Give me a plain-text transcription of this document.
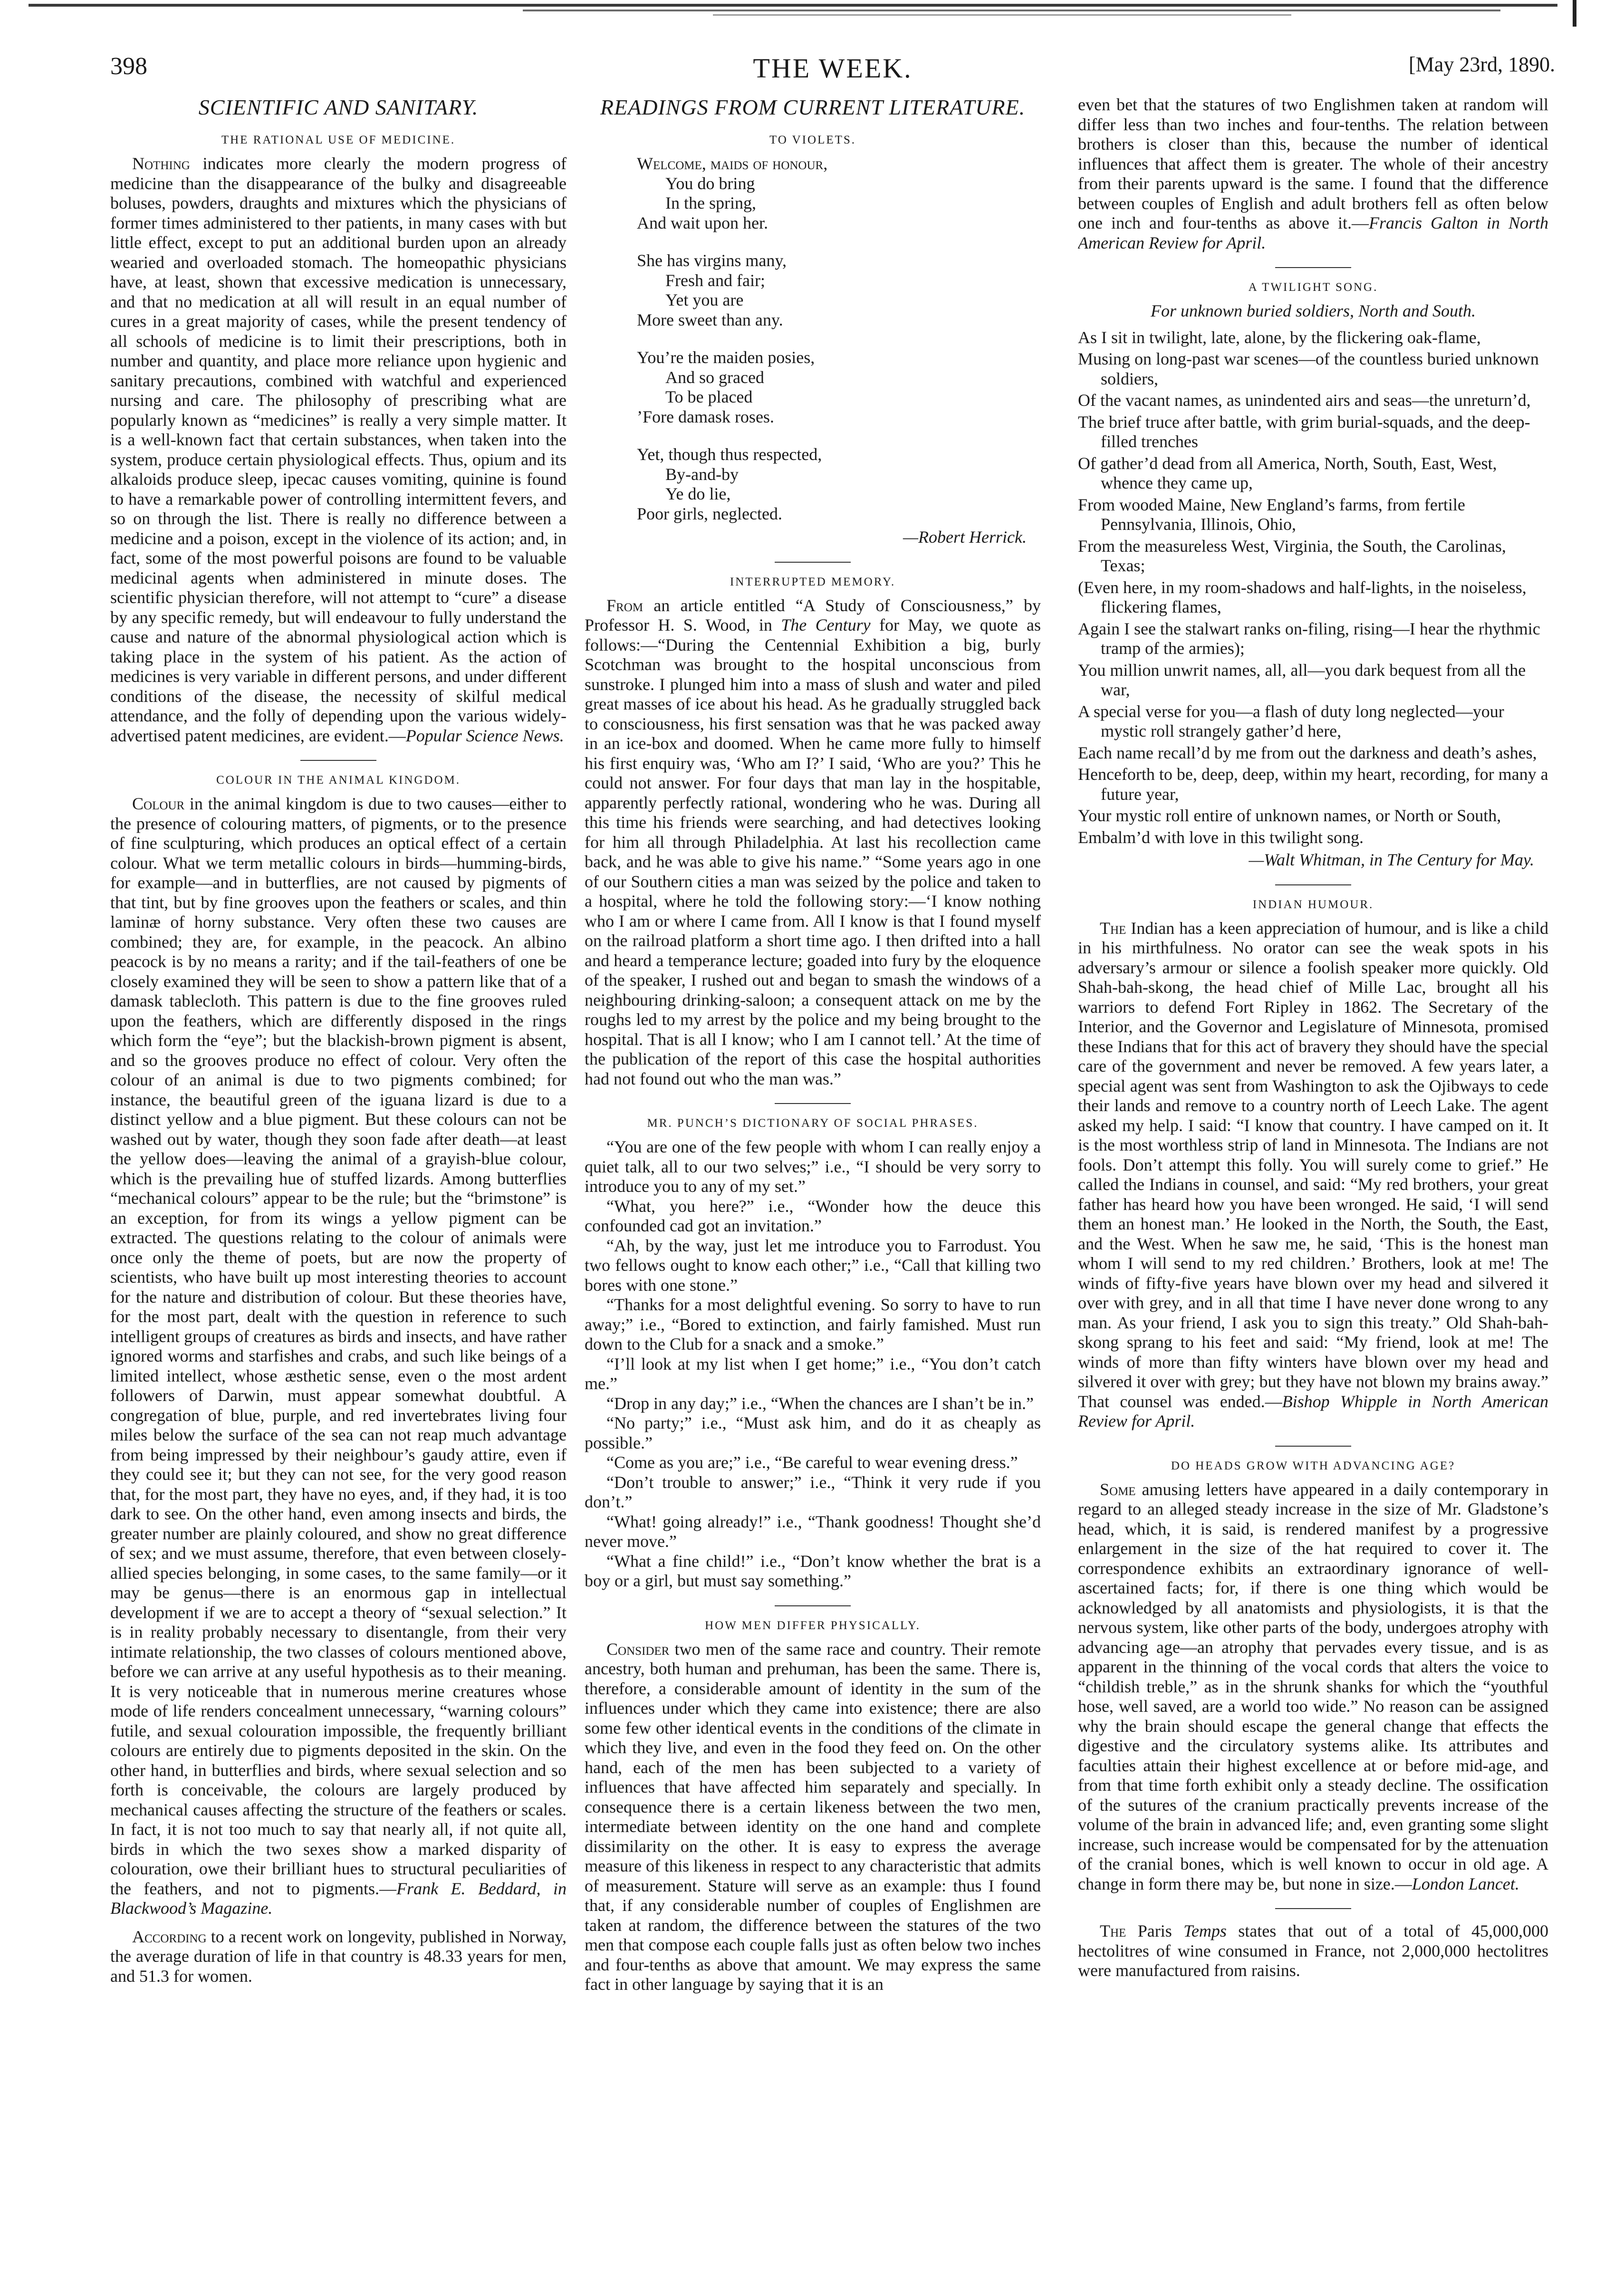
398	THE WEEK.	[May 23rd, 1890.
SCIENTIFIC AND SANITARY.
THE RATIONAL USE OF MEDICINE.

Nothing indicates more clearly the modern progress of medicine than the disappearance of the bulky and disagreeable boluses, powders, draughts and mixtures which the physicians of former times administered to ther patients, in many cases with but little effect, except to put an additional burden upon an already wearied and overloaded stomach. The homeopathic physicians have, at least, shown that excessive medication is unnecessary, and that no medication at all will result in an equal number of cures in a great majority of cases, while the present tendency of all schools of medicine is to limit their prescriptions, both in number and quantity, and place more reliance upon hygienic and sanitary precautions, combined with watchful and experienced nursing and care. The philosophy of prescribing what are popularly known as “medicines” is really a very simple matter. It is a well-known fact that certain substances, when taken into the system, produce certain physiological effects. Thus, opium and its alkaloids produce sleep, ipecac causes vomiting, quinine is found to have a remarkable power of controlling intermittent fevers, and so on through the list. There is really no difference between a medicine and a poison, except in the violence of its action; and, in fact, some of the most powerful poisons are found to be valuable medicinal agents when administered in minute doses. The scientific physician therefore, will not attempt to “cure” a disease by any specific remedy, but will endeavour to fully understand the cause and nature of the abnormal physiological action which is taking place in the system of his patient. As the action of medicines is very variable in different persons, and under different conditions of the disease, the necessity of skilful medical attendance, and the folly of depending upon the various widely-advertised patent medicines, are evident.—Popular Science News.

COLOUR IN THE ANIMAL KINGDOM.

Colour in the animal kingdom is due to two causes—either to the presence of colouring matters, of pigments, or to the presence of fine sculpturing, which produces an optical effect of a certain colour. What we term metallic colours in birds—humming-birds, for example—and in butterflies, are not caused by pigments of that tint, but by fine grooves upon the feathers or scales, and thin laminæ of horny substance. Very often these two causes are combined; they are, for example, in the peacock. An albino peacock is by no means a rarity; and if the tail-feathers of one be closely examined they will be seen to show a pattern like that of a damask tablecloth. This pattern is due to the fine grooves ruled upon the feathers, which are differently disposed in the rings which form the “eye”; but the blackish-brown pigment is absent, and so the grooves produce no effect of colour. Very often the colour of an animal is due to two pigments combined; for instance, the beautiful green of the iguana lizard is due to a distinct yellow and a blue pigment. But these colours can not be washed out by water, though they soon fade after death—at least the yellow does—leaving the animal of a grayish-blue colour, which is the prevailing hue of stuffed lizards. Among butterflies “mechanical colours” appear to be the rule; but the “brimstone” is an exception, for from its wings a yellow pigment can be extracted. The questions relating to the colour of animals were once only the theme of poets, but are now the property of scientists, who have built up most interesting theories to account for the nature and distribution of colour. But these theories have, for the most part, dealt with the question in reference to such intelligent groups of creatures as birds and insects, and have rather ignored worms and starfishes and crabs, and such like beings of a limited intellect, whose æsthetic sense, even o the most ardent followers of Darwin, must appear somewhat doubtful. A congregation of blue, purple, and red invertebrates living four miles below the surface of the sea can not reap much advantage from being impressed by their neighbour’s gaudy attire, even if they could see it; but they can not see, for the very good reason that, for the most part, they have no eyes, and, if they had, it is too dark to see. On the other hand, even among insects and birds, the greater number are plainly coloured, and show no great difference of sex; and we must assume, therefore, that even between closely-allied species belonging, in some cases, to the same family—or it may be genus—there is an enormous gap in intellectual development if we are to accept a theory of “sexual selection.” It is in reality probably necessary to disentangle, from their very intimate relationship, the two classes of colours mentioned above, before we can arrive at any useful hypothesis as to their meaning. It is very noticeable that in numerous merine creatures whose mode of life renders concealment unnecessary, “warning colours” futile, and sexual colouration impossible, the frequently brilliant colours are entirely due to pigments deposited in the skin. On the other hand, in butterflies and birds, where sexual selection and so forth is conceivable, the colours are largely produced by mechanical causes affecting the structure of the feathers or scales. In fact, it is not too much to say that nearly all, if not quite all, birds in which the two sexes show a marked disparity of colouration, owe their brilliant hues to structural peculiarities of the feathers, and not to pigments.—Frank E. Beddard, in Blackwood’s Magazine.

According to a recent work on longevity, published in Norway, the average duration of life in that country is 48.33 years for men, and 51.3 for women.

READINGS FROM CURRENT LITERATURE.
TO VIOLETS.
Welcome, maids of honour,
You do bring
In the spring,
And wait upon her.
She has virgins many,
Fresh and fair;
Yet you are
More sweet than any.
You’re the maiden posies,
And so graced
To be placed
’Fore damask roses.
Yet, though thus respected,
By-and-by
Ye do lie,
Poor girls, neglected.
—Robert Herrick.
INTERRUPTED MEMORY.

From an article entitled “A Study of Consciousness,” by Professor H. S. Wood, in The Century for May, we quote as follows:—“During the Centennial Exhibition a big, burly Scotchman was brought to the hospital unconscious from sunstroke. I plunged him into a mass of slush and water and piled great masses of ice about his head. As he gradually struggled back to consciousness, his first sensation was that he was packed away in an ice-box and doomed. When he came more fully to himself his first enquiry was, ‘Who am I?’ I said, ‘Who are you?’ This he could not answer. For four days that man lay in the hospitable, apparently perfectly rational, wondering who he was. During all this time his friends were searching, and had detectives looking for him all through Philadelphia. At last his recollection came back, and he was able to give his name.” “Some years ago in one of our Southern cities a man was seized by the police and taken to a hospital, where he told the following story:—‘I know nothing who I am or where I came from. All I know is that I found myself on the railroad platform a short time ago. I then drifted into a hall and heard a temperance lecture; goaded into fury by the eloquence of the speaker, I rushed out and began to smash the windows of a neighbouring drinking-saloon; a consequent attack on me by the roughs led to my arrest by the police and my being brought to the hospital. That is all I know; who I am I cannot tell.’ At the time of the publication of the report of this case the hospital authorities had not found out who the man was.”

MR. PUNCH’S DICTIONARY OF SOCIAL PHRASES.

“You are one of the few people with whom I can really enjoy a quiet talk, all to our two selves;” i.e., “I should be very sorry to introduce you to any of my set.”

“What, you here?” i.e., “Wonder how the deuce this confounded cad got an invitation.”

“Ah, by the way, just let me introduce you to Farrodust. You two fellows ought to know each other;” i.e., “Call that killing two bores with one stone.”

“Thanks for a most delightful evening. So sorry to have to run away;” i.e., “Bored to extinction, and fairly famished. Must run down to the Club for a snack and a smoke.”

“I’ll look at my list when I get home;” i.e., “You don’t catch me.”

“Drop in any day;” i.e., “When the chances are I shan’t be in.”

“No party;” i.e., “Must ask him, and do it as cheaply as possible.”

“Come as you are;” i.e., “Be careful to wear evening dress.”

“Don’t trouble to answer;” i.e., “Think it very rude if you don’t.”

“What! going already!” i.e., “Thank goodness! Thought she’d never move.”

“What a fine child!” i.e., “Don’t know whether the brat is a boy or a girl, but must say something.”

HOW MEN DIFFER PHYSICALLY.

Consider two men of the same race and country. Their remote ancestry, both human and prehuman, has been the same. There is, therefore, a considerable amount of identity in the sum of the influences under which they came into existence; there are also some few other identical events in the conditions of the climate in which they live, and even in the food they feed on. On the other hand, each of the men has been subjected to a variety of influences that have affected him separately and specially. In consequence there is a certain likeness between the two men, intermediate between identity on the one hand and complete dissimilarity on the other. It is easy to express the average measure of this likeness in respect to any characteristic that admits of measurement. Stature will serve as an example: thus I found that, if any considerable number of couples of Englishmen are taken at random, the difference between the statures of the two men that compose each couple falls just as often below two inches and four-tenths as above that amount. We may express the same fact in other language by saying that it is an

even bet that the statures of two Englishmen taken at random will differ less than two inches and four-tenths. The relation between brothers is closer than this, because the number of identical influences that affect them is greater. The whole of their ancestry from their parents upward is the same. I found that the difference between couples of English and adult brothers fell as often below one inch and four-tenths as above it.—Francis Galton in North American Review for April.

A TWILIGHT SONG.
For unknown buried soldiers, North and South.
As I sit in twilight, late, alone, by the flickering oak-flame,
Musing on long-past war scenes—of the countless buried unknown soldiers,
Of the vacant names, as unindented airs and seas—the unreturn’d,
The brief truce after battle, with grim burial-squads, and the deep-filled trenches
Of gather’d dead from all America, North, South, East, West, whence they came up,
From wooded Maine, New England’s farms, from fertile Pennsylvania, Illinois, Ohio,
From the measureless West, Virginia, the South, the Carolinas, Texas;
(Even here, in my room-shadows and half-lights, in the noiseless, flickering flames,
Again I see the stalwart ranks on-filing, rising—I hear the rhythmic tramp of the armies);
You million unwrit names, all, all—you dark bequest from all the war,
A special verse for you—a flash of duty long neglected—your mystic roll strangely gather’d here,
Each name recall’d by me from out the darkness and death’s ashes,
Henceforth to be, deep, deep, within my heart, recording, for many a future year,
Your mystic roll entire of unknown names, or North or South,
Embalm’d with love in this twilight song.
—Walt Whitman, in The Century for May.
INDIAN HUMOUR.

The Indian has a keen appreciation of humour, and is like a child in his mirthfulness. No orator can see the weak spots in his adversary’s armour or silence a foolish speaker more quickly. Old Shah-bah-skong, the head chief of Mille Lac, brought all his warriors to defend Fort Ripley in 1862. The Secretary of the Interior, and the Governor and Legislature of Minnesota, promised these Indians that for this act of bravery they should have the special care of the government and never be removed. A few years later, a special agent was sent from Washington to ask the Ojibways to cede their lands and remove to a country north of Leech Lake. The agent asked my help. I said: “I know that country. I have camped on it. It is the most worthless strip of land in Minnesota. The Indians are not fools. Don’t attempt this folly. You will surely come to grief.” He called the Indians in counsel, and said: “My red brothers, your great father has heard how you have been wronged. He said, ‘I will send them an honest man.’ He looked in the North, the South, the East, and the West. When he saw me, he said, ‘This is the honest man whom I will send to my red children.’ Brothers, look at me! The winds of fifty-five years have blown over my head and silvered it over with grey, and in all that time I have never done wrong to any man. As your friend, I ask you to sign this treaty.” Old Shah-bah-skong sprang to his feet and said: “My friend, look at me! The winds of more than fifty winters have blown over my head and silvered it over with grey; but they have not blown my brains away.” That counsel was ended.—Bishop Whipple in North American Review for April.

DO HEADS GROW WITH ADVANCING AGE?

Some amusing letters have appeared in a daily contemporary in regard to an alleged steady increase in the size of Mr. Gladstone’s head, which, it is said, is rendered manifest by a progressive enlargement in the size of the hat required to cover it. The correspondence exhibits an extraordinary ignorance of well-ascertained facts; for, if there is one thing which would be acknowledged by all anatomists and physiologists, it is that the nervous system, like other parts of the body, undergoes atrophy with advancing age—an atrophy that pervades every tissue, and is as apparent in the thinning of the vocal cords that alters the voice to “childish treble,” as in the shrunk shanks for which the “youthful hose, well saved, are a world too wide.” No reason can be assigned why the brain should escape the general change that effects the digestive and the circulatory systems alike. Its attributes and faculties attain their highest excellence at or before mid-age, and from that time forth exhibit only a steady decline. The ossification of the sutures of the cranium practically prevents increase of the volume of the brain in advanced life; and, even granting some slight increase, such increase would be compensated for by the attenuation of the cranial bones, which is well known to occur in old age. A change in form there may be, but none in size.—London Lancet.

The Paris Temps states that out of a total of 45,000,000 hectolitres of wine consumed in France, not 2,000,000 hectolitres were manufactured from raisins.
